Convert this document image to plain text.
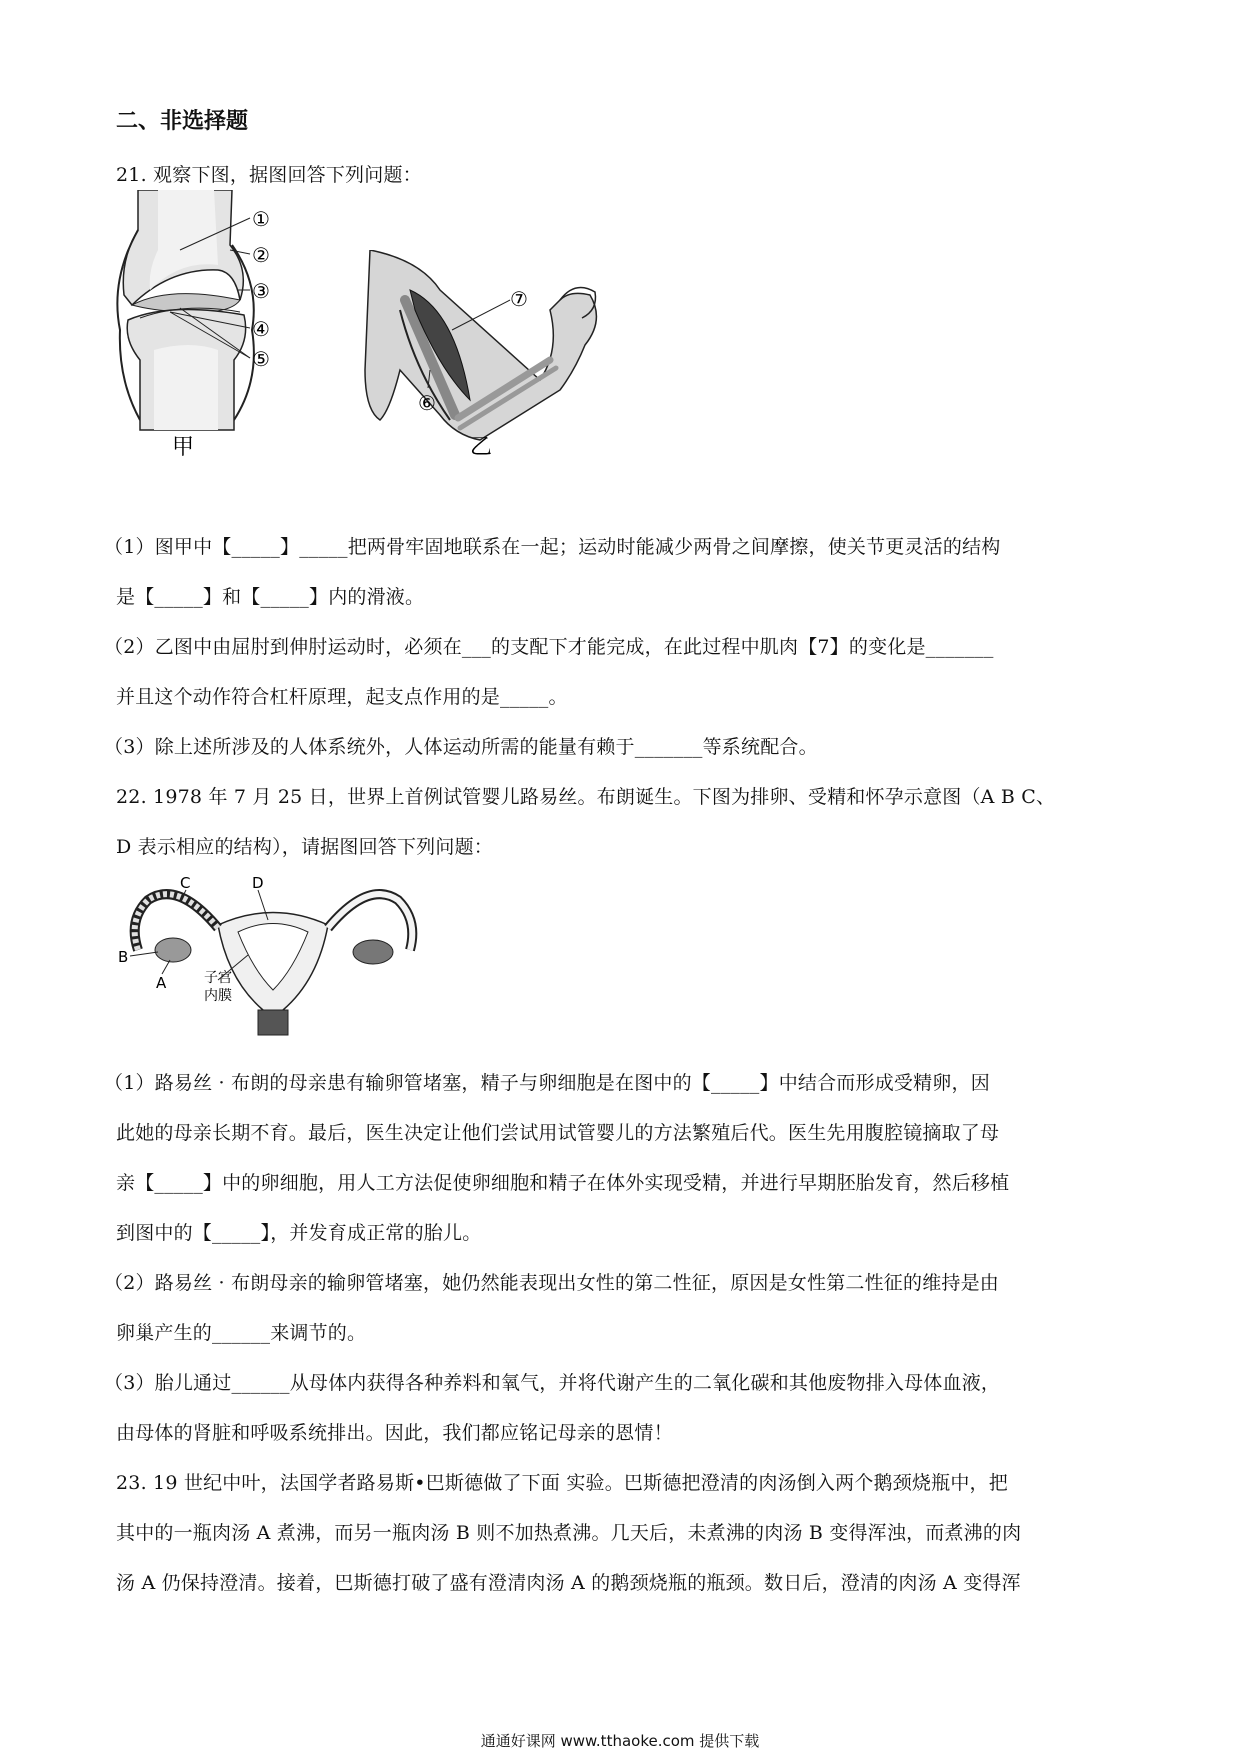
二、非选择题
21. 观察下图，据图回答下列问题：
①
②
③
④
⑤
甲
⑦
⑥
乙
（1）图甲中【_____】_____把两骨牢固地联系在一起；运动时能减少两骨之间摩擦，使关节更灵活的结构
是【_____】和【_____】内的滑液。
（2）乙图中由屈肘到伸肘运动时，必须在___的支配下才能完成，在此过程中肌肉【7】的变化是_______
并且这个动作符合杠杆原理，起支点作用的是_____。
（3）除上述所涉及的人体系统外，人体运动所需的能量有赖于_______等系统配合。
22. 1978 年 7 月 25 日，世界上首例试管婴儿路易丝。布朗诞生。下图为排卵、受精和怀孕示意图（A B C、
D 表示相应的结构），请据图回答下列问题：
C	D
B
A	子宫
内膜
（1）路易丝 · 布朗的母亲患有输卵管堵塞，精子与卵细胞是在图中的【_____】中结合而形成受精卵，因
此她的母亲长期不育。最后，医生决定让他们尝试用试管婴儿的方法繁殖后代。医生先用腹腔镜摘取了母
亲【_____】中的卵细胞，用人工方法促使卵细胞和精子在体外实现受精，并进行早期胚胎发育，然后移植
到图中的【_____】，并发育成正常的胎儿。
（2）路易丝 · 布朗母亲的输卵管堵塞，她仍然能表现出女性的第二性征，原因是女性第二性征的维持是由
卵巢产生的______来调节的。
（3）胎儿通过______从母体内获得各种养料和氧气，并将代谢产生的二氧化碳和其他废物排入母体血液，
由母体的肾脏和呼吸系统排出。因此，我们都应铭记母亲的恩情！
23. 19 世纪中叶，法国学者路易斯•巴斯德做了下面 实验。巴斯德把澄清的肉汤倒入两个鹅颈烧瓶中，把
其中的一瓶肉汤 A 煮沸，而另一瓶肉汤 B 则不加热煮沸。几天后，未煮沸的肉汤 B 变得浑浊，而煮沸的肉
汤 A 仍保持澄清。接着，巴斯德打破了盛有澄清肉汤 A 的鹅颈烧瓶的瓶颈。数日后，澄清的肉汤 A 变得浑
通通好课网 www.tthaoke.com 提供下载
